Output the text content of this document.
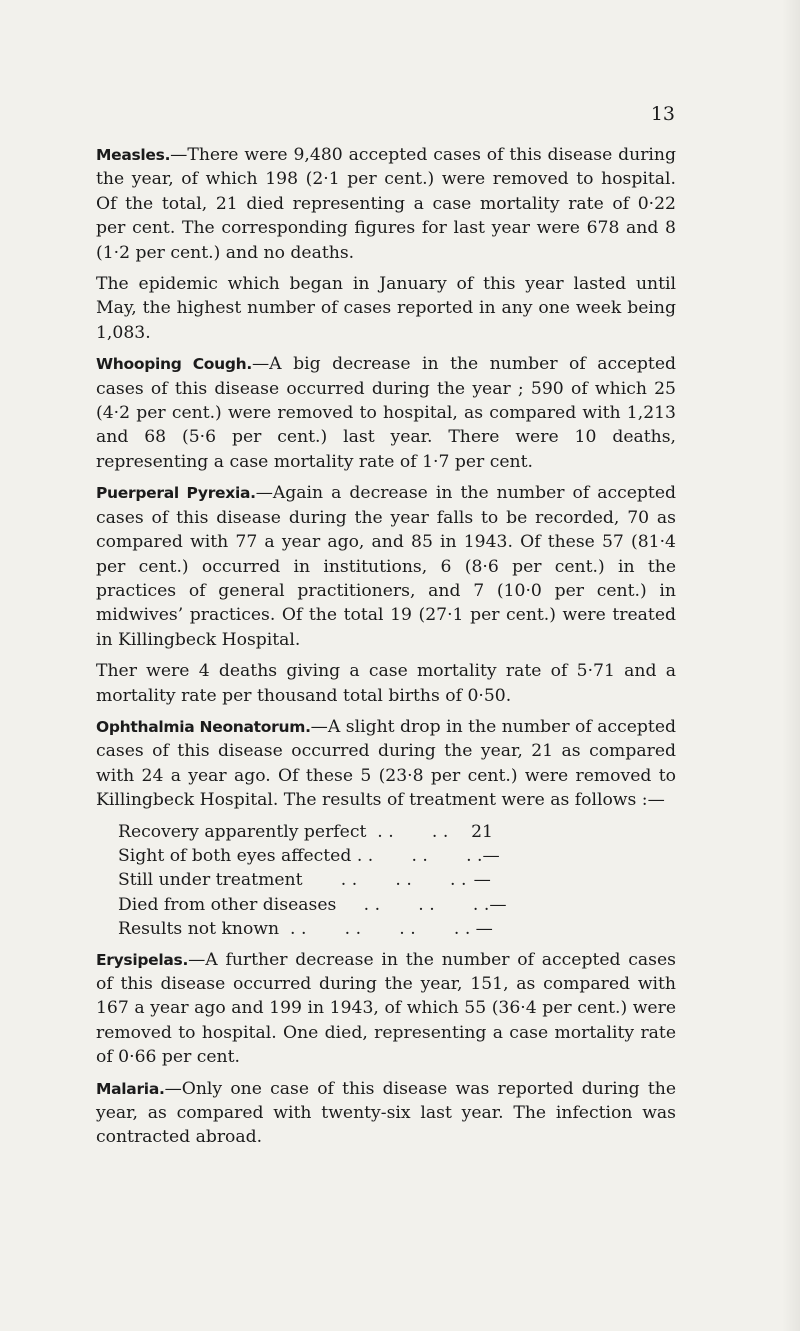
13

Measles.—There were 9,480 accepted cases of this disease during the year, of which 198 (2·1 per cent.) were removed to hospital. Of the total, 21 died representing a case mortality rate of 0·22 per cent. The corresponding figures for last year were 678 and 8 (1·2 per cent.) and no deaths.

The epidemic which began in January of this year lasted until May, the highest number of cases reported in any one week being 1,083.

Whooping Cough.—A big decrease in the number of accepted cases of this disease occurred during the year ; 590 of which 25 (4·2 per cent.) were removed to hospital, as compared with 1,213 and 68 (5·6 per cent.) last year. There were 10 deaths, representing a case mortality rate of 1·7 per cent.

Puerperal Pyrexia.—Again a decrease in the number of accepted cases of this disease during the year falls to be recorded, 70 as compared with 77 a year ago, and 85 in 1943. Of these 57 (81·4 per cent.) occurred in institutions, 6 (8·6 per cent.) in the practices of general practitioners, and 7 (10·0 per cent.) in midwives’ practices. Of the total 19 (27·1 per cent.) were treated in Killingbeck Hospital.

Ther were 4 deaths giving a case mortality rate of 5·71 and a mortality rate per thousand total births of 0·50.

Ophthalmia Neonatorum.—A slight drop in the number of accepted cases of this disease occurred during the year, 21 as compared with 24 a year ago. Of these 5 (23·8 per cent.) were removed to Killingbeck Hospital. The results of treatment were as follows :—

Recovery apparently perfect  . .       . . 21
Sight of both eyes affected . .       . .       . . —
Still under treatment       . .       . .       . . —
Died from other diseases     . .       . .       . . —
Results not known  . .       . .       . .       . . —

Erysipelas.—A further decrease in the number of accepted cases of this disease occurred during the year, 151, as compared with 167 a year ago and 199 in 1943, of which 55 (36·4 per cent.) were removed to hospital. One died, representing a case mortality rate of 0·66 per cent.

Malaria.—Only one case of this disease was reported during the year, as compared with twenty-six last year. The infection was contracted abroad.
